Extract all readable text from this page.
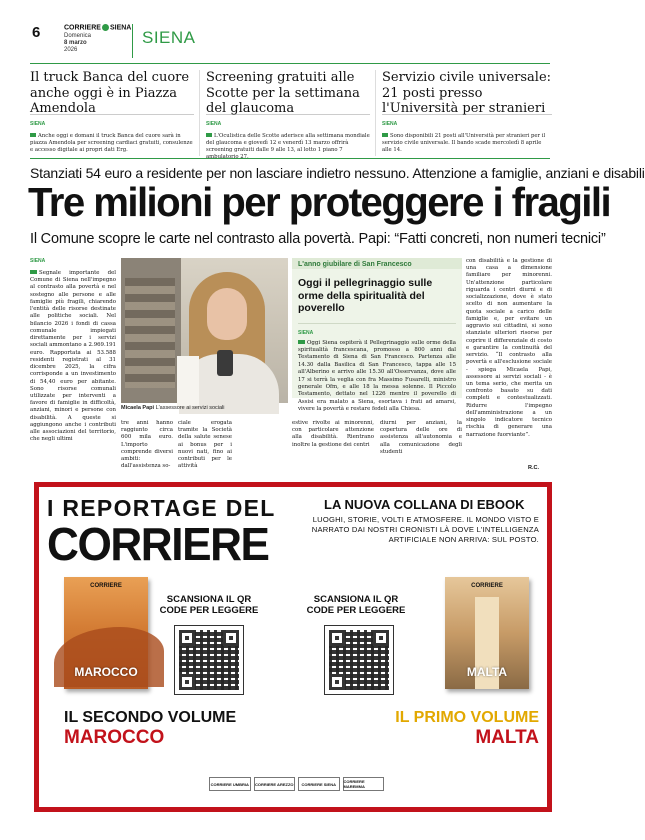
6	CORRIERE SIENA
Domenica
8 marzo
2026
SIENA
Il truck Banca del cuore anche oggi è in Piazza Amendola
SIENA

Anche oggi e domani il truck Banca del cuore sarà in piazza Amendola per screening cardiaci gratuiti, consulenze e accesso digitale ai propri dati Erg.

Screening gratuiti alle Scotte per la settimana del glaucoma
SIENA

L'Oculistica delle Scotte aderisce alla settimana mondiale del glaucoma e giovedì 12 e venerdì 13 marzo offrirà screening gratuiti dalle 9 alle 13, al lotto 1 piano 7

Servizio civile universale: 21 posti presso l'Università per stranieri
SIENA

Sono disponibili 21 posti all'Università per stranieri per il servizio civile universale. Il bando scade mercoledì 8 aprile alle 14.

Stanziati 54 euro a residente per non lasciare indietro nessuno. Attenzione a famiglie, anziani e disabili
Tre milioni per proteggere i fragili
Il Comune scopre le carte nel contrasto alla povertà. Papi: “Fatti concreti, non numeri tecnici”
SIENA

Segnale importante del Comune di Siena nell'impegno al contrasto alla povertà e nel sostegno alle persone e alle famiglie più fragili, chiarendo l'entità delle risorse destinate alle politiche sociali. Nel bilancio 2026 i fondi di cassa comunale impiegati direttamente per i servizi sociali ammontano a 2.969.191 euro. Rapportata ai 53.588 residenti registrati al 31 dicembre 2025, la cifra corrisponde a un investimento di 54,40 euro per abitante. Sono risorse comunali utilizzate per interventi a favore di famiglie in difficoltà, anziani, minori e persone con disabilità. A queste si aggiungono anche i contributi alle associazioni del territorio, che negli ultimi

Micaela Papi L'assessore ai servizi sociali
tre anni hanno raggiunto circa 600 mila euro. L'importo comprende diversi ambiti: dall'assistenza so-
ciale erogata tramite la Società della salute senese ai bonus per i nuovi nati, fino ai contributi per le attività
estive rivolte ai minorenni, con particolare attenzione alla disabilità. Rientrano inoltre la gestione dei centri
diurni per anziani, la copertura delle ore di assistenza all'autonomia e alla comunicazione degli studenti
con disabilità e la gestione di una casa a dimensione familiare per minorenni. Un'attenzione particolare riguarda i centri diurni e di socializzazione, dove è stato scelto di non aumentare la quota sociale a carico delle famiglie e, per evitare un aggravio sui cittadini, si sono stanziate ulteriori risorse per coprire il differenziale di costo e garantire la continuità del servizio. “Il contrasto alla povertà e all'esclusione sociale - spiega Micaela Papi, assessore ai servizi sociali - è un tema serio, che merita un confronto basato su dati completi e contestualizzati. Ridurre l'impegno dell'amministrazione a un singolo indicatore tecnico rischia di generare una narrazione fuorviante”.
R.C.
L'anno giubilare di San Francesco
Oggi il pellegrinaggio sulle orme della spiritualità del poverello
SIENA

Oggi Siena ospiterà il Pellegrinaggio sulle orme della spiritualità francescana, promosso a 800 anni dal Testamento di Siena di San Francesco. Partenza alle 14.30 dalla Basilica di San Francesco, tappa alle 15 all'Alberino e arrivo alle 15.30 all'Osservanza, dove alle 17 si terrà la veglia con fra Massimo Fusarelli, ministro generale Ofm, e alle 18 la messa solenne. Il Piccolo Testamento, dettato nel 1226 mentre il poverello di Assisi era malato a Siena, esortava i frati ad amarsi, vivere la povertà e restare fedeli alla Chiesa.

I REPORTAGE DEL
CORRIERE
LA NUOVA COLLANA DI EBOOK
LUOGHI, STORIE, VOLTI E ATMOSFERE. IL MONDO VISTO E NARRATO DAI NOSTRI CRONISTI LÀ DOVE L'INTELLIGENZA ARTIFICIALE NON ARRIVA: SUL POSTO.
CORRIERE
MAROCCO
SCANSIONA IL QR CODE PER LEGGERE
SCANSIONA IL QR CODE PER LEGGERE
CORRIERE
MALTA
IL SECONDO VOLUME
MAROCCO
IL PRIMO VOLUME
MALTA
CORRIERE UMBRIA	CORRIERE AREZZO	CORRIERE SIENA	CORRIERE MAREMMA
